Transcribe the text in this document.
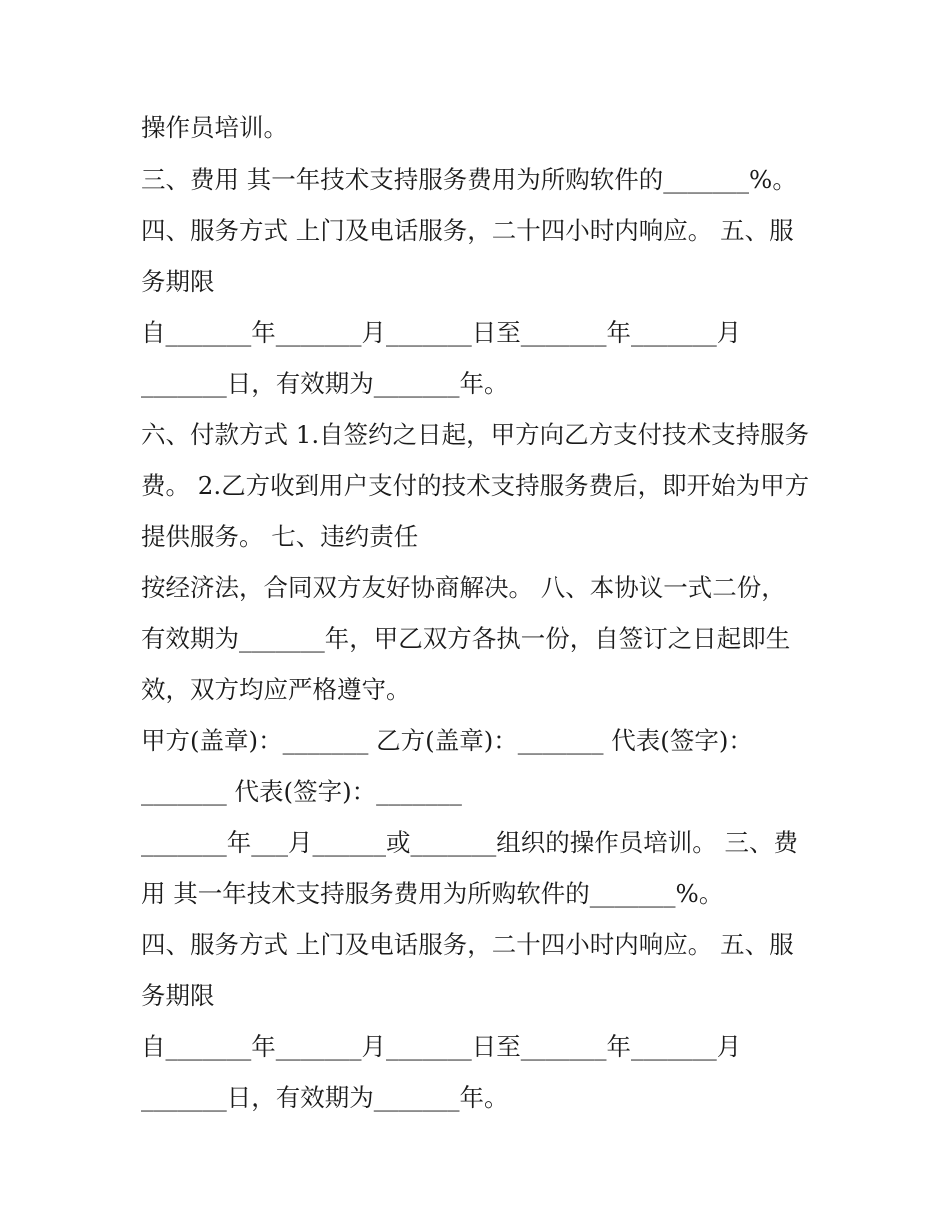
操作员培训。
三、费用 其一年技术支持服务费用为所购软件的_______%。
四、服务方式 上门及电话服务，二十四小时内响应。 五、服
务期限
自_______年_______月_______日至_______年_______月
_______日，有效期为_______年。
六、付款方式 1.自签约之日起，甲方向乙方支付技术支持服务
费。 2.乙方收到用户支付的技术支持服务费后，即开始为甲方
提供服务。 七、违约责任
按经济法，合同双方友好协商解决。 八、本协议一式二份，
有效期为_______年，甲乙双方各执一份，自签订之日起即生
效，双方均应严格遵守。
甲方(盖章)：_______ 乙方(盖章)：_______ 代表(签字)：
_______ 代表(签字)：_______
_______年___月______或_______组织的操作员培训。 三、费
用 其一年技术支持服务费用为所购软件的_______%。
四、服务方式 上门及电话服务，二十四小时内响应。 五、服
务期限
自_______年_______月_______日至_______年_______月
_______日，有效期为_______年。
